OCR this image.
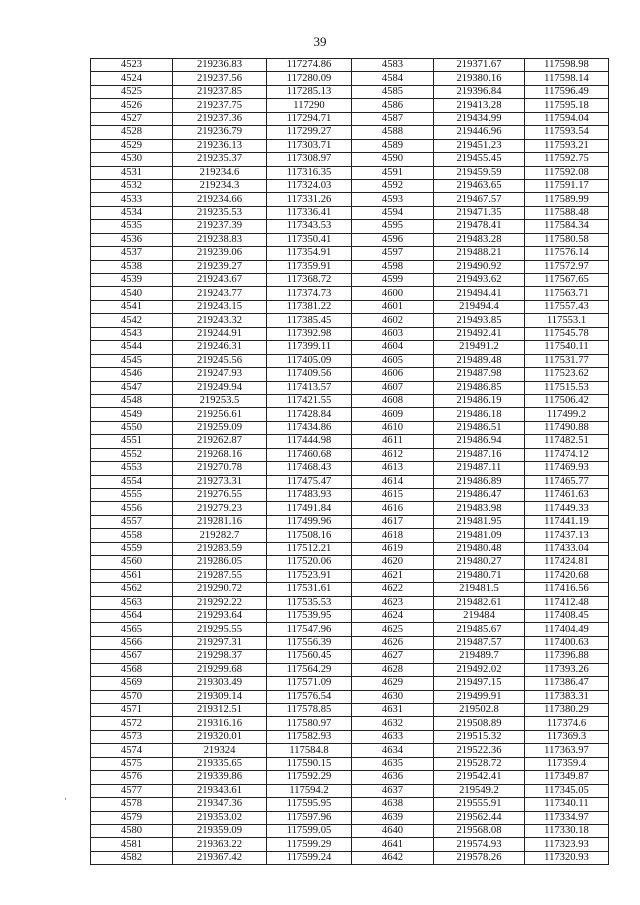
39
4523	219236.83	117274.86	4583	219371.67	117598.98
4524	219237.56	117280.09	4584	219380.16	117598.14
4525	219237.85	117285.13	4585	219396.84	117596.49
4526	219237.75	117290	4586	219413.28	117595.18
4527	219237.36	117294.71	4587	219434.99	117594.04
4528	219236.79	117299.27	4588	219446.96	117593.54
4529	219236.13	117303.71	4589	219451.23	117593.21
4530	219235.37	117308.97	4590	219455.45	117592.75
4531	219234.6	117316.35	4591	219459.59	117592.08
4532	219234.3	117324.03	4592	219463.65	117591.17
4533	219234.66	117331.26	4593	219467.57	117589.99
4534	219235.53	117336.41	4594	219471.35	117588.48
4535	219237.39	117343.53	4595	219478.41	117584.34
4536	219238.83	117350.41	4596	219483.28	117580.58
4537	219239.06	117354.91	4597	219488.21	117576.14
4538	219239.27	117359.91	4598	219490.92	117572.97
4539	219243.67	117368.72	4599	219493.62	117567.65
4540	219243.77	117374.73	4600	219494.41	117563.71
4541	219243.15	117381.22	4601	219494.4	117557.43
4542	219243.32	117385.45	4602	219493.85	117553.1
4543	219244.91	117392.98	4603	219492.41	117545.78
4544	219246.31	117399.11	4604	219491.2	117540.11
4545	219245.56	117405.09	4605	219489.48	117531.77
4546	219247.93	117409.56	4606	219487.98	117523.62
4547	219249.94	117413.57	4607	219486.85	117515.53
4548	219253.5	117421.55	4608	219486.19	117506.42
4549	219256.61	117428.84	4609	219486.18	117499.2
4550	219259.09	117434.86	4610	219486.51	117490.88
4551	219262.87	117444.98	4611	219486.94	117482.51
4552	219268.16	117460.68	4612	219487.16	117474.12
4553	219270.78	117468.43	4613	219487.11	117469.93
4554	219273.31	117475.47	4614	219486.89	117465.77
4555	219276.55	117483.93	4615	219486.47	117461.63
4556	219279.23	117491.84	4616	219483.98	117449.33
4557	219281.16	117499.96	4617	219481.95	117441.19
4558	219282.7	117508.16	4618	219481.09	117437.13
4559	219283.59	117512.21	4619	219480.48	117433.04
4560	219286.05	117520.06	4620	219480.27	117424.81
4561	219287.55	117523.91	4621	219480.71	117420.68
4562	219290.72	117531.61	4622	219481.5	117416.56
4563	219292.22	117535.53	4623	219482.61	117412.48
4564	219293.64	117539.95	4624	219484	117408.45
4565	219295.55	117547.96	4625	219485.67	117404.49
4566	219297.31	117556.39	4626	219487.57	117400.63
4567	219298.37	117560.45	4627	219489.7	117396.88
4568	219299.68	117564.29	4628	219492.02	117393.26
4569	219303.49	117571.09	4629	219497.15	117386.47
4570	219309.14	117576.54	4630	219499.91	117383.31
4571	219312.51	117578.85	4631	219502.8	117380.29
4572	219316.16	117580.97	4632	219508.89	117374.6
4573	219320.01	117582.93	4633	219515.32	117369.3
4574	219324	117584.8	4634	219522.36	117363.97
4575	219335.65	117590.15	4635	219528.72	117359.4
4576	219339.86	117592.29	4636	219542.41	117349.87
4577	219343.61	117594.2	4637	219549.2	117345.05
4578	219347.36	117595.95	4638	219555.91	117340.11
4579	219353.02	117597.96	4639	219562.44	117334.97
4580	219359.09	117599.05	4640	219568.08	117330.18
4581	219363.22	117599.29	4641	219574.93	117323.93
4582	219367.42	117599.24	4642	219578.26	117320.93
·
